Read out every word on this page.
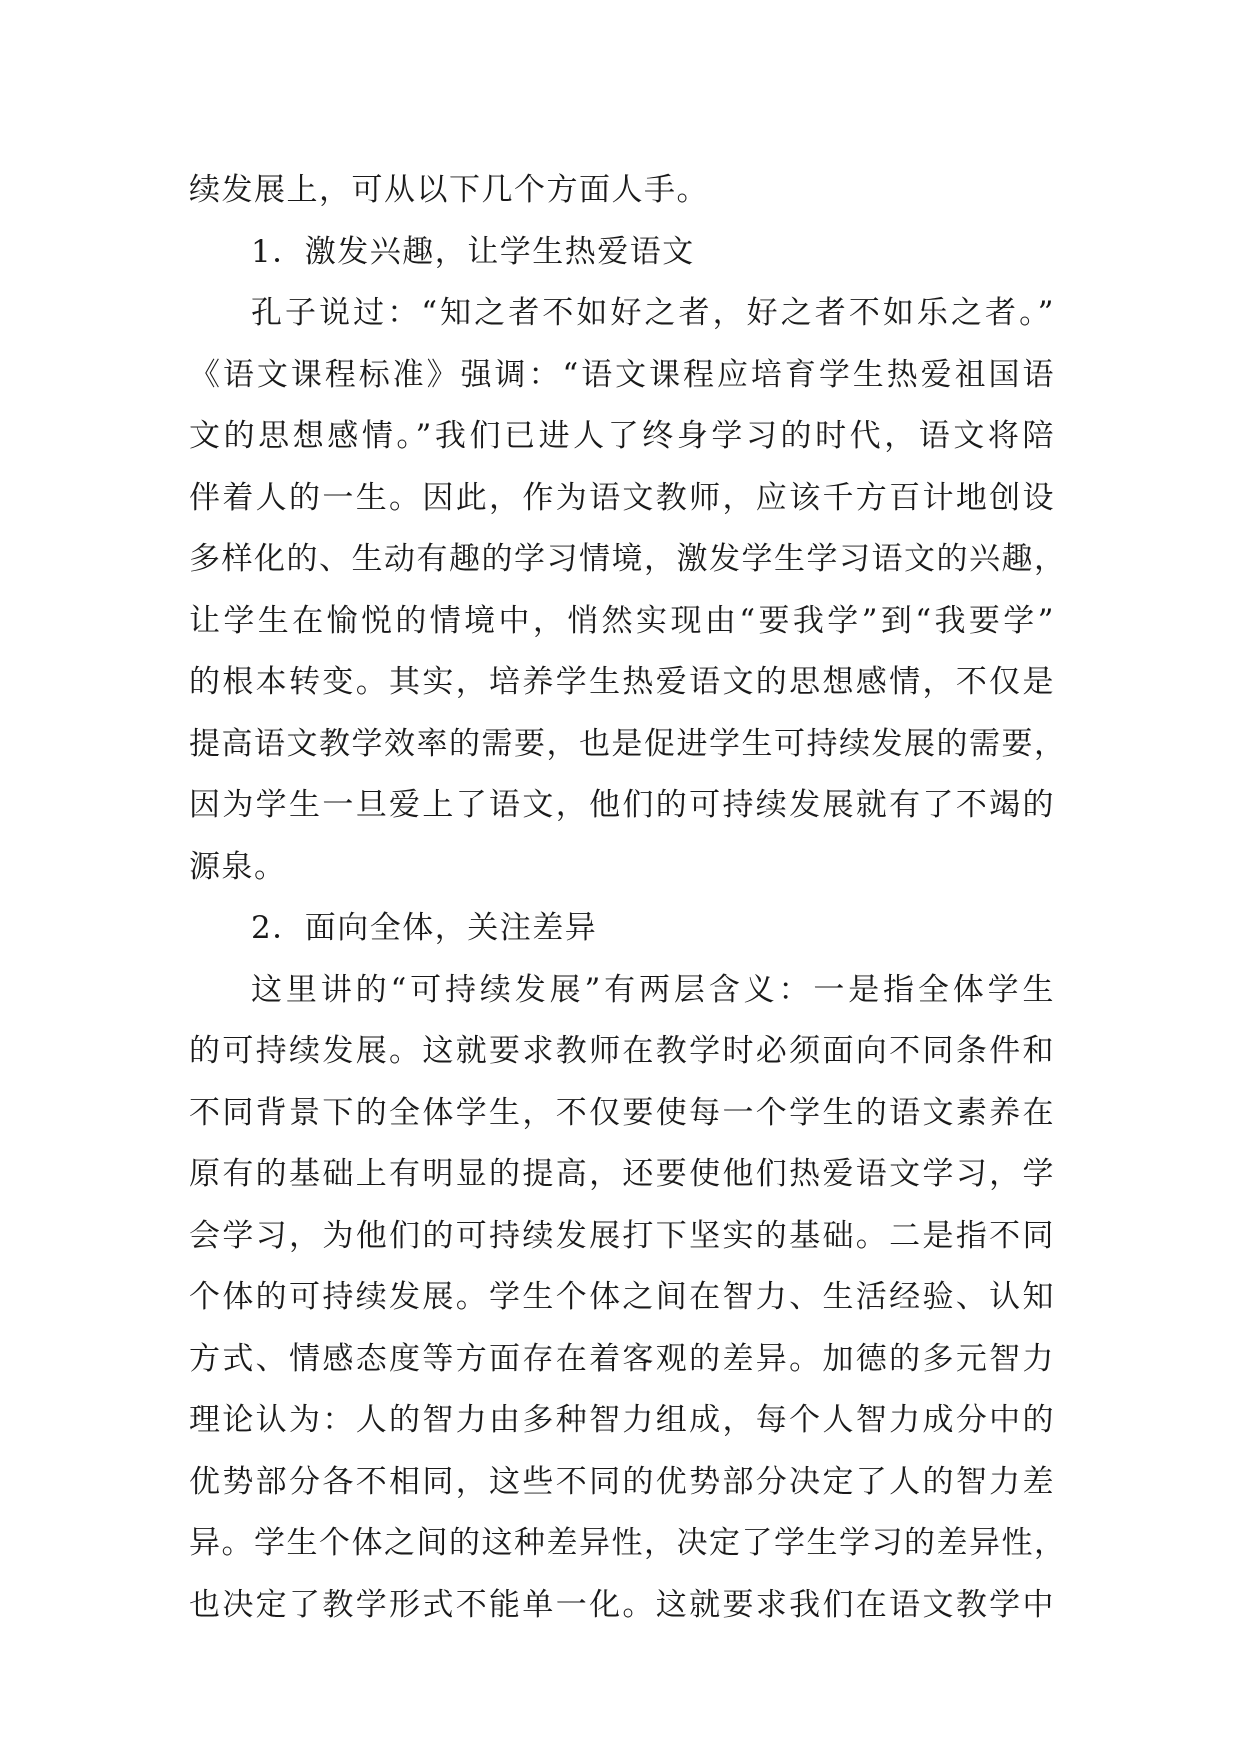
续发展上，可从以下几个方面人手。
1．激发兴趣，让学生热爱语文
孔子说过：“知之者不如好之者，好之者不如乐之者。”
《语文课程标准》强调：“语文课程应培育学生热爱祖国语
文的思想感情。”我们已进人了终身学习的时代，语文将陪
伴着人的一生。因此，作为语文教师，应该千方百计地创设
多样化的、生动有趣的学习情境，激发学生学习语文的兴趣，
让学生在愉悦的情境中，悄然实现由“要我学”到“我要学”
的根本转变。其实，培养学生热爱语文的思想感情，不仅是
提高语文教学效率的需要，也是促进学生可持续发展的需要，
因为学生一旦爱上了语文，他们的可持续发展就有了不竭的
源泉。
2．面向全体，关注差异
这里讲的“可持续发展”有两层含义：一是指全体学生
的可持续发展。这就要求教师在教学时必须面向不同条件和
不同背景下的全体学生，不仅要使每一个学生的语文素养在
原有的基础上有明显的提高，还要使他们热爱语文学习，学
会学习，为他们的可持续发展打下坚实的基础。二是指不同
个体的可持续发展。学生个体之间在智力、生活经验、认知
方式、情感态度等方面存在着客观的差异。加德的多元智力
理论认为：人的智力由多种智力组成，每个人智力成分中的
优势部分各不相同，这些不同的优势部分决定了人的智力差
异。学生个体之间的这种差异性，决定了学生学习的差异性，
也决定了教学形式不能单一化。这就要求我们在语文教学中
